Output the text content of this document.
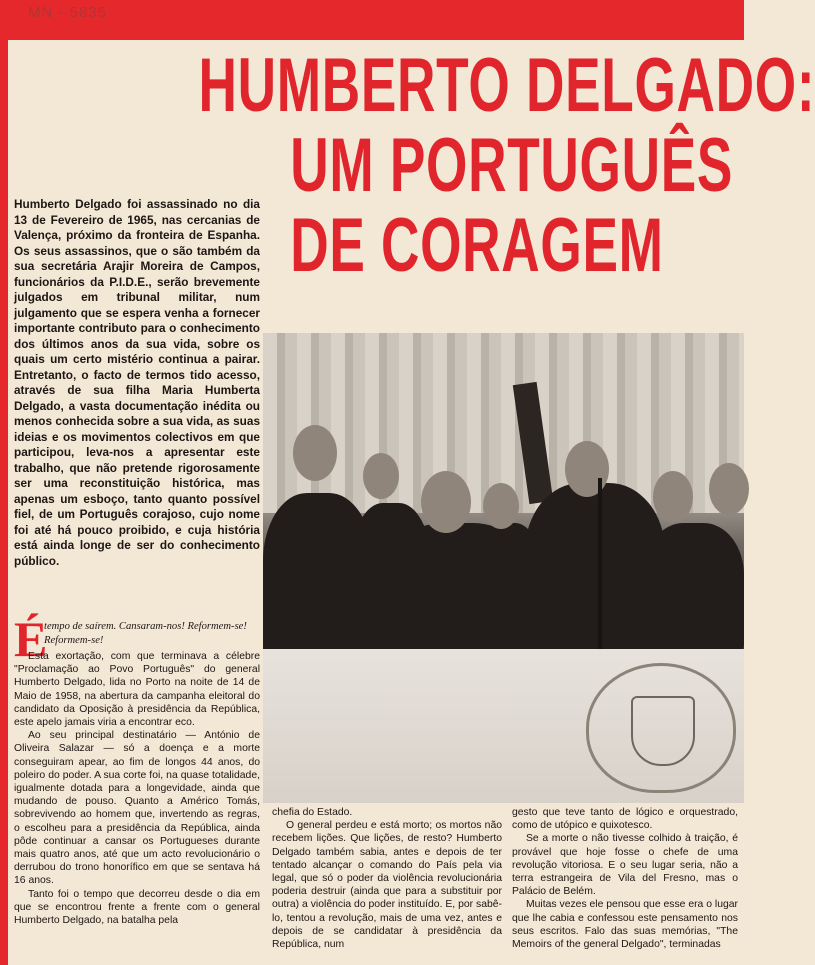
MN - 5835
HUMBERTO DELGADO:
UM PORTUGUÊS
DE CORAGEM
Humberto Delgado foi assassinado no dia 13 de Fevereiro de 1965, nas cercanias de Valença, próximo da fronteira de Espanha. Os seus assassinos, que o são também da sua secretária Arajir Moreira de Campos, funcionários da P.I.D.E., serão brevemente julgados em tribunal militar, num julgamento que se espera venha a fornecer importante contributo para o conhecimento dos últimos anos da sua vida, sobre os quais um certo mistério continua a pairar. Entretanto, o facto de termos tido acesso, através de sua filha Maria Humberta Delgado, a vasta documentação inédita ou menos conhecida sobre a sua vida, as suas ideias e os movimentos colectivos em que participou, leva-nos a apresentar este trabalho, que não pretende rigorosamente ser uma reconstituição histórica, mas apenas um esboço, tanto quanto possível fiel, de um Português corajoso, cujo nome foi até há pouco proibido, e cuja história está ainda longe de ser do conhecimento público.
É
tempo de saírem. Cansaram-nos! Reformem-se! Reformem-se!

Esta exortação, com que terminava a célebre "Proclamação ao Povo Português" do general Humberto Delgado, lida no Porto na noite de 14 de Maio de 1958, na abertura da campanha eleitoral do candidato da Oposição à presidência da República, este apelo jamais viria a encontrar eco.

Ao seu principal destinatário — António de Oliveira Salazar — só a doença e a morte conseguiram apear, ao fim de longos 44 anos, do poleiro do poder. A sua corte foi, na quase totalidade, igualmente dotada para a longevidade, ainda que mudando de pouso. Quanto a Américo Tomás, sobrevivendo ao homem que, invertendo as regras, o escolheu para a presidência da República, ainda pôde continuar a cansar os Portugueses durante mais quatro anos, até que um acto revolucionário o derrubou do trono honorífico em que se sentava há 16 anos.

Tanto foi o tempo que decorreu desde o dia em que se encontrou frente a frente com o general Humberto Delgado, na batalha pela

chefia do Estado.

O general perdeu e está morto; os mortos não recebem lições. Que lições, de resto? Humberto Delgado também sabia, antes e depois de ter tentado alcançar o comando do País pela via legal, que só o poder da violência revolucionária poderia destruir (ainda que para a substituir por outra) a violência do poder instituído. E, por sabê-lo, tentou a revolução, mais de uma vez, antes e depois de se candidatar à presidência da República, num

gesto que teve tanto de lógico e orquestrado, como de utópico e quixotesco.

Se a morte o não tivesse colhido à traição, é provável que hoje fosse o chefe de uma revolução vitoriosa. E o seu lugar seria, não a terra estrangeira de Vila del Fresno, mas o Palácio de Belém.

Muitas vezes ele pensou que esse era o lugar que lhe cabia e confessou este pensamento nos seus escritos. Falo das suas memórias, "The Memoirs of the general Delgado", terminadas
